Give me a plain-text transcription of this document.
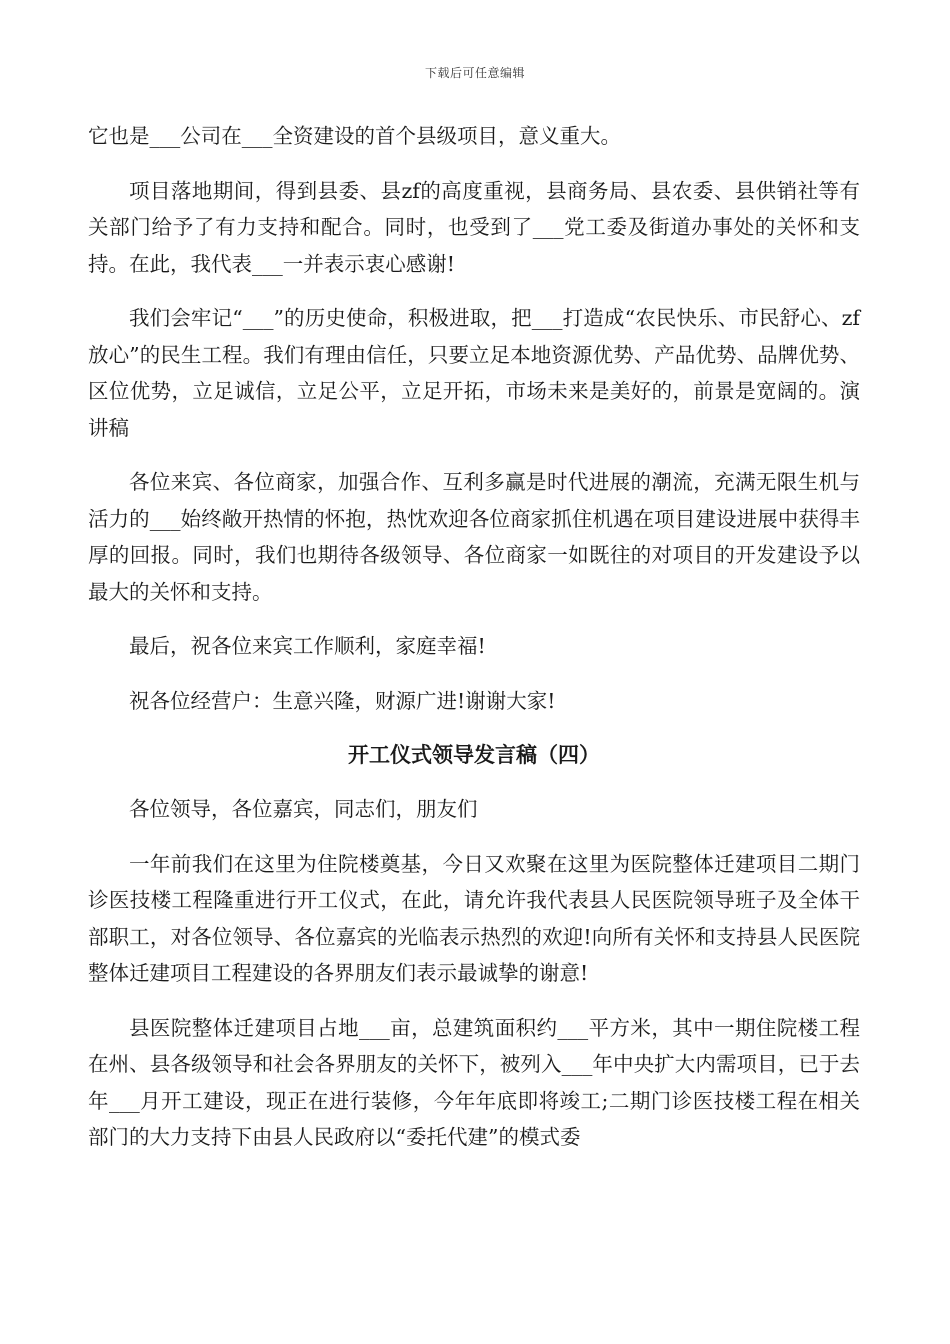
下载后可任意编辑

它也是___公司在___全资建设的首个县级项目，意义重大。

项目落地期间，得到县委、县zf的高度重视，县商务局、县农委、县供销社等有关部门给予了有力支持和配合。同时，也受到了___党工委及街道办事处的关怀和支持。在此，我代表___一并表示衷心感谢!

我们会牢记“___”的历史使命，积极进取，把___打造成“农民快乐、市民舒心、zf放心”的民生工程。我们有理由信任，只要立足本地资源优势、产品优势、品牌优势、区位优势，立足诚信，立足公平，立足开拓，市场未来是美好的，前景是宽阔的。演讲稿

各位来宾、各位商家，加强合作、互利多赢是时代进展的潮流，充满无限生机与活力的___始终敞开热情的怀抱，热忱欢迎各位商家抓住机遇在项目建设进展中获得丰厚的回报。同时，我们也期待各级领导、各位商家一如既往的对项目的开发建设予以最大的关怀和支持。

最后，祝各位来宾工作顺利，家庭幸福!

祝各位经营户：生意兴隆，财源广进!谢谢大家!

开工仪式领导发言稿（四）

各位领导，各位嘉宾，同志们，朋友们

一年前我们在这里为住院楼奠基，今日又欢聚在这里为医院整体迁建项目二期门诊医技楼工程隆重进行开工仪式，在此，请允许我代表县人民医院领导班子及全体干部职工，对各位领导、各位嘉宾的光临表示热烈的欢迎!向所有关怀和支持县人民医院整体迁建项目工程建设的各界朋友们表示最诚挚的谢意!

县医院整体迁建项目占地___亩，总建筑面积约___平方米，其中一期住院楼工程在州、县各级领导和社会各界朋友的关怀下，被列入___年中央扩大内需项目，已于去年___月开工建设，现正在进行装修，今年年底即将竣工;二期门诊医技楼工程在相关部门的大力支持下由县人民政府以“委托代建”的模式委
